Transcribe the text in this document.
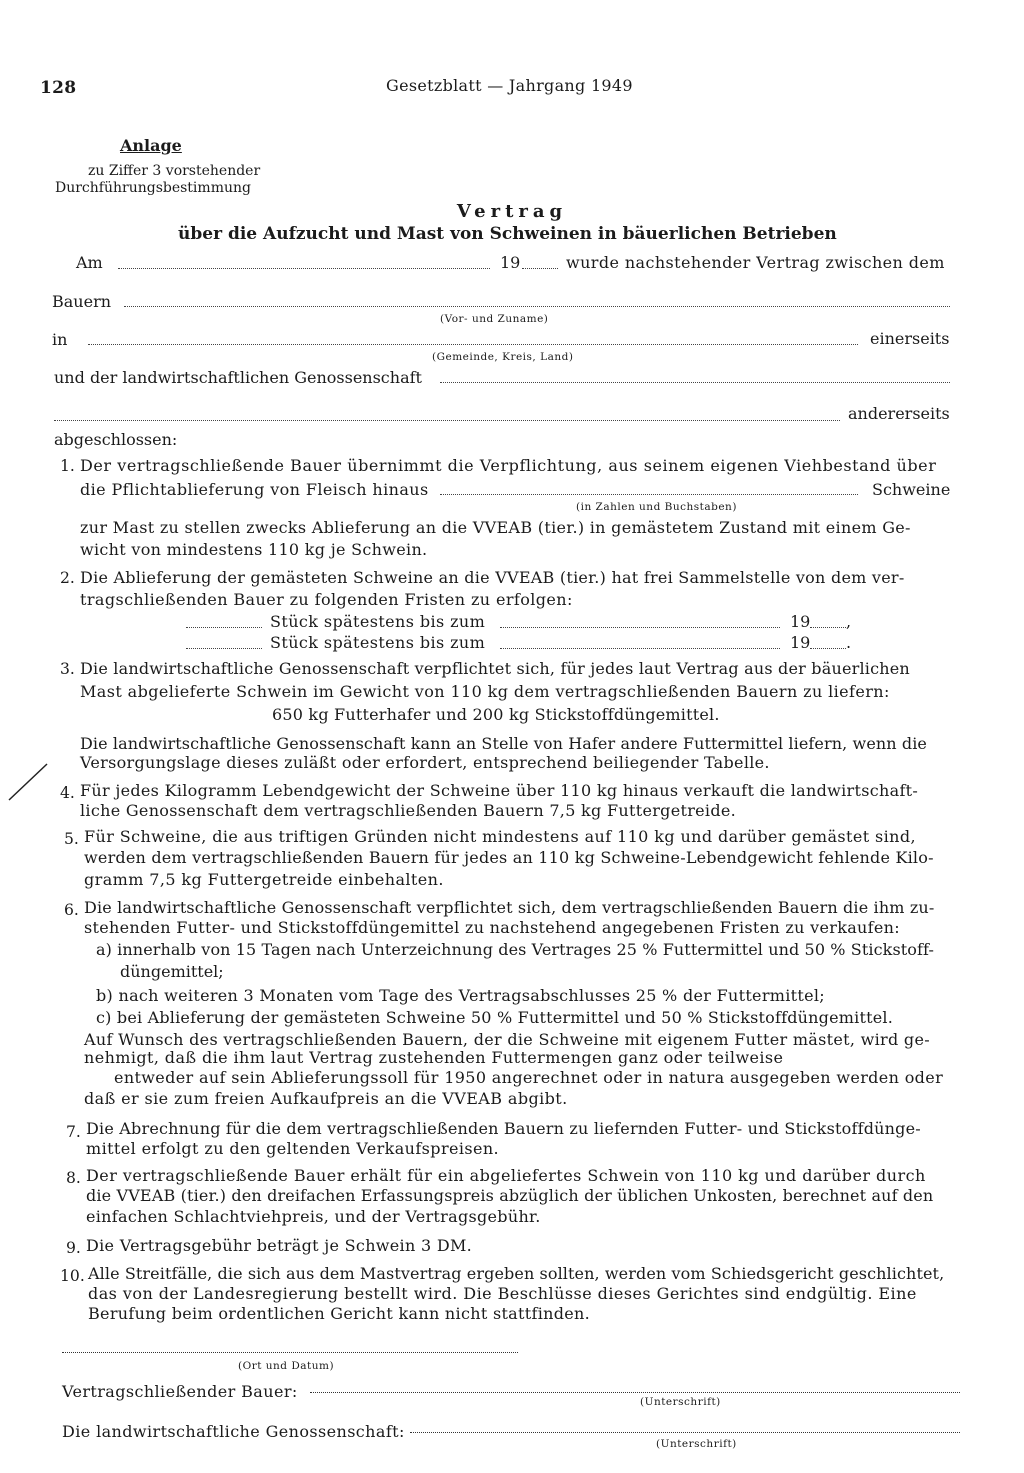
128	Gesetzblatt — Jahrgang 1949
Anlage
zu Ziffer 3 vorstehender
Durchführungsbestimmung
Vertrag
über die Aufzucht und Mast von Schweinen in bäuerlichen Betrieben
Am	19	wurde nachstehender Vertrag zwischen dem
Bauern
(Vor- und Zuname)
in	einerseits
(Gemeinde, Kreis, Land)
und der landwirtschaftlichen Genossenschaft
andererseits
abgeschlossen:
1. Der vertragschließende Bauer übernimmt die Verpflichtung, aus seinem eigenen Viehbestand über
die Pflichtablieferung von Fleisch hinaus	Schweine
(in Zahlen und Buchstaben)
zur Mast zu stellen zwecks Ablieferung an die VVEAB (tier.) in gemästetem Zustand mit einem Ge-
wicht von mindestens 110 kg je Schwein.
2. Die Ablieferung der gemästeten Schweine an die VVEAB (tier.) hat frei Sammelstelle von dem ver-
tragschließenden Bauer zu folgenden Fristen zu erfolgen:
Stück spätestens bis zum	19 ,
Stück spätestens bis zum	19 .
3. Die landwirtschaftliche Genossenschaft verpflichtet sich, für jedes laut Vertrag aus der bäuerlichen
Mast abgelieferte Schwein im Gewicht von 110 kg dem vertragschließenden Bauern zu liefern:
650 kg Futterhafer und 200 kg Stickstoffdüngemittel.
Die landwirtschaftliche Genossenschaft kann an Stelle von Hafer andere Futtermittel liefern, wenn die
Versorgungslage dieses zuläßt oder erfordert, entsprechend beiliegender Tabelle.
4. Für jedes Kilogramm Lebendgewicht der Schweine über 110 kg hinaus verkauft die landwirtschaft-
liche Genossenschaft dem vertragschließenden Bauern 7,5 kg Futtergetreide.
5. Für Schweine, die aus triftigen Gründen nicht mindestens auf 110 kg und darüber gemästet sind,
werden dem vertragschließenden Bauern für jedes an 110 kg Schweine-Lebendgewicht fehlende Kilo-
gramm 7,5 kg Futtergetreide einbehalten.
6. Die landwirtschaftliche Genossenschaft verpflichtet sich, dem vertragschließenden Bauern die ihm zu-
stehenden Futter- und Stickstoffdüngemittel zu nachstehend angegebenen Fristen zu verkaufen:
a) innerhalb von 15 Tagen nach Unterzeichnung des Vertrages 25 % Futtermittel und 50 % Stickstoff-
düngemittel;
b) nach weiteren 3 Monaten vom Tage des Vertragsabschlusses 25 % der Futtermittel;
c) bei Ablieferung der gemästeten Schweine 50 % Futtermittel und 50 % Stickstoffdüngemittel.
Auf Wunsch des vertragschließenden Bauern, der die Schweine mit eigenem Futter mästet, wird ge-
nehmigt, daß die ihm laut Vertrag zustehenden Futtermengen ganz oder teilweise
entweder auf sein Ablieferungssoll für 1950 angerechnet oder in natura ausgegeben werden oder
daß er sie zum freien Aufkaufpreis an die VVEAB abgibt.
7. Die Abrechnung für die dem vertragschließenden Bauern zu liefernden Futter- und Stickstoffdünge-
mittel erfolgt zu den geltenden Verkaufspreisen.
8. Der vertragschließende Bauer erhält für ein abgeliefertes Schwein von 110 kg und darüber durch
die VVEAB (tier.) den dreifachen Erfassungspreis abzüglich der üblichen Unkosten, berechnet auf den
einfachen Schlachtviehpreis, und der Vertragsgebühr.
9. Die Vertragsgebühr beträgt je Schwein 3 DM.
10. Alle Streitfälle, die sich aus dem Mastvertrag ergeben sollten, werden vom Schiedsgericht geschlichtet,
das von der Landesregierung bestellt wird. Die Beschlüsse dieses Gerichtes sind endgültig. Eine
Berufung beim ordentlichen Gericht kann nicht stattfinden.
(Ort und Datum)
Vertragschließender Bauer:
(Unterschrift)
Die landwirtschaftliche Genossenschaft:
(Unterschrift)
